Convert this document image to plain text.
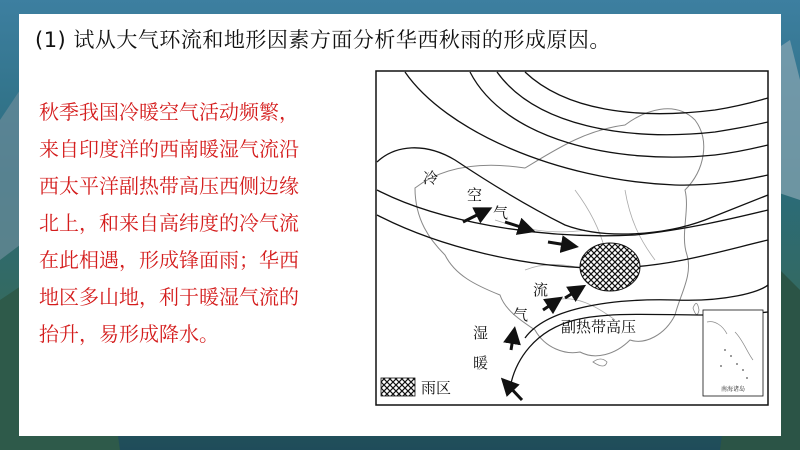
(1) 试从大气环流和地形因素方面分析华西秋雨的形成原因。
秋季我国冷暖空气活动频繁，
来自印度洋的西南暖湿气流沿
西太平洋副热带高压西侧边缘
北上，和来自高纬度的冷气流
在此相遇，形成锋面雨；华西
地区多山地，利于暖湿气流的
抬升，易形成降水。
冷
空
气
流
气
湿
暖
副热带高压
雨区	南海诸岛
